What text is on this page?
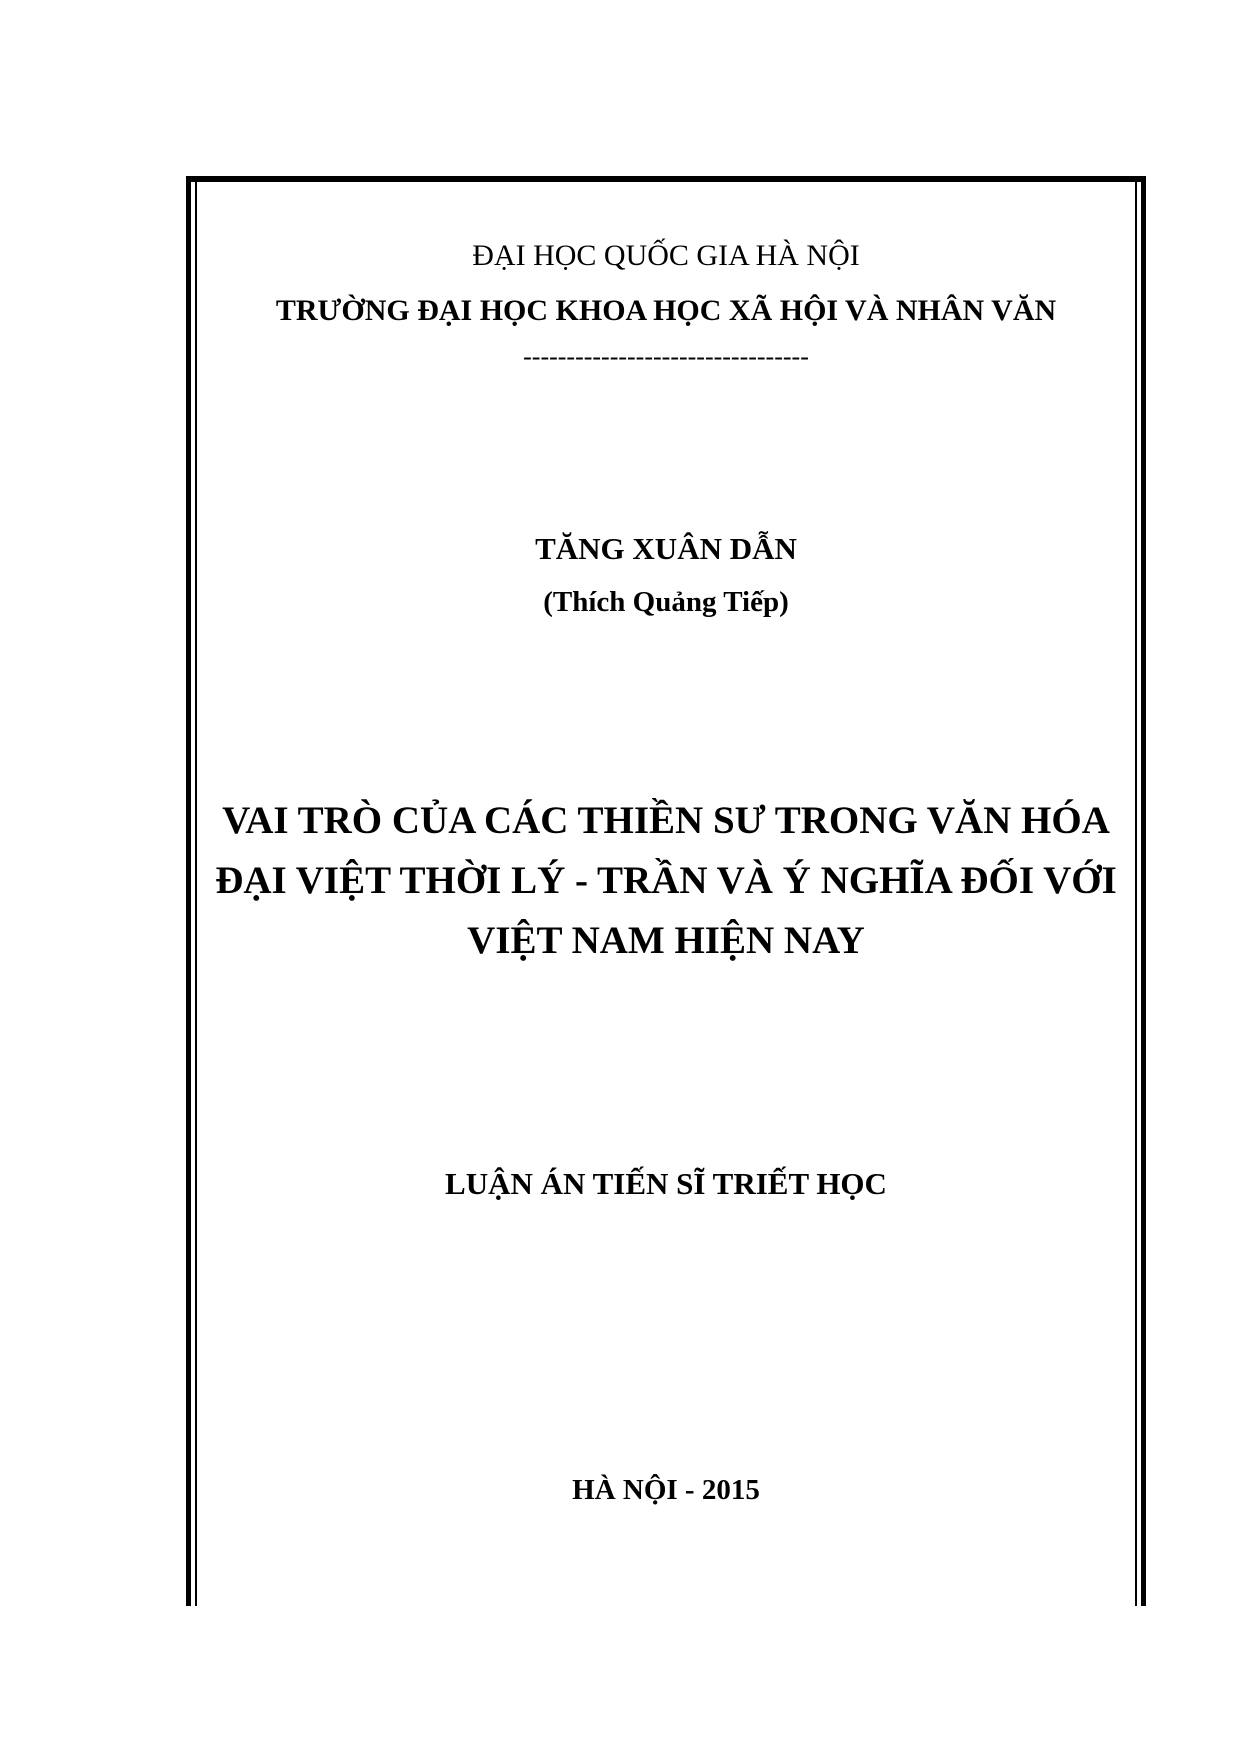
ĐẠI HỌC QUỐC GIA HÀ NỘI
TRƯỜNG ĐẠI HỌC KHOA HỌC XÃ HỘI VÀ NHÂN VĂN
---------------------------------
TĂNG XUÂN DẪN
(Thích Quảng Tiếp)
VAI TRÒ CỦA CÁC THIỀN SƯ TRONG VĂN HÓA
ĐẠI VIỆT THỜI LÝ - TRẦN VÀ Ý NGHĨA ĐỐI VỚI
VIỆT NAM HIỆN NAY
LUẬN ÁN TIẾN SĨ TRIẾT HỌC
HÀ NỘI - 2015
